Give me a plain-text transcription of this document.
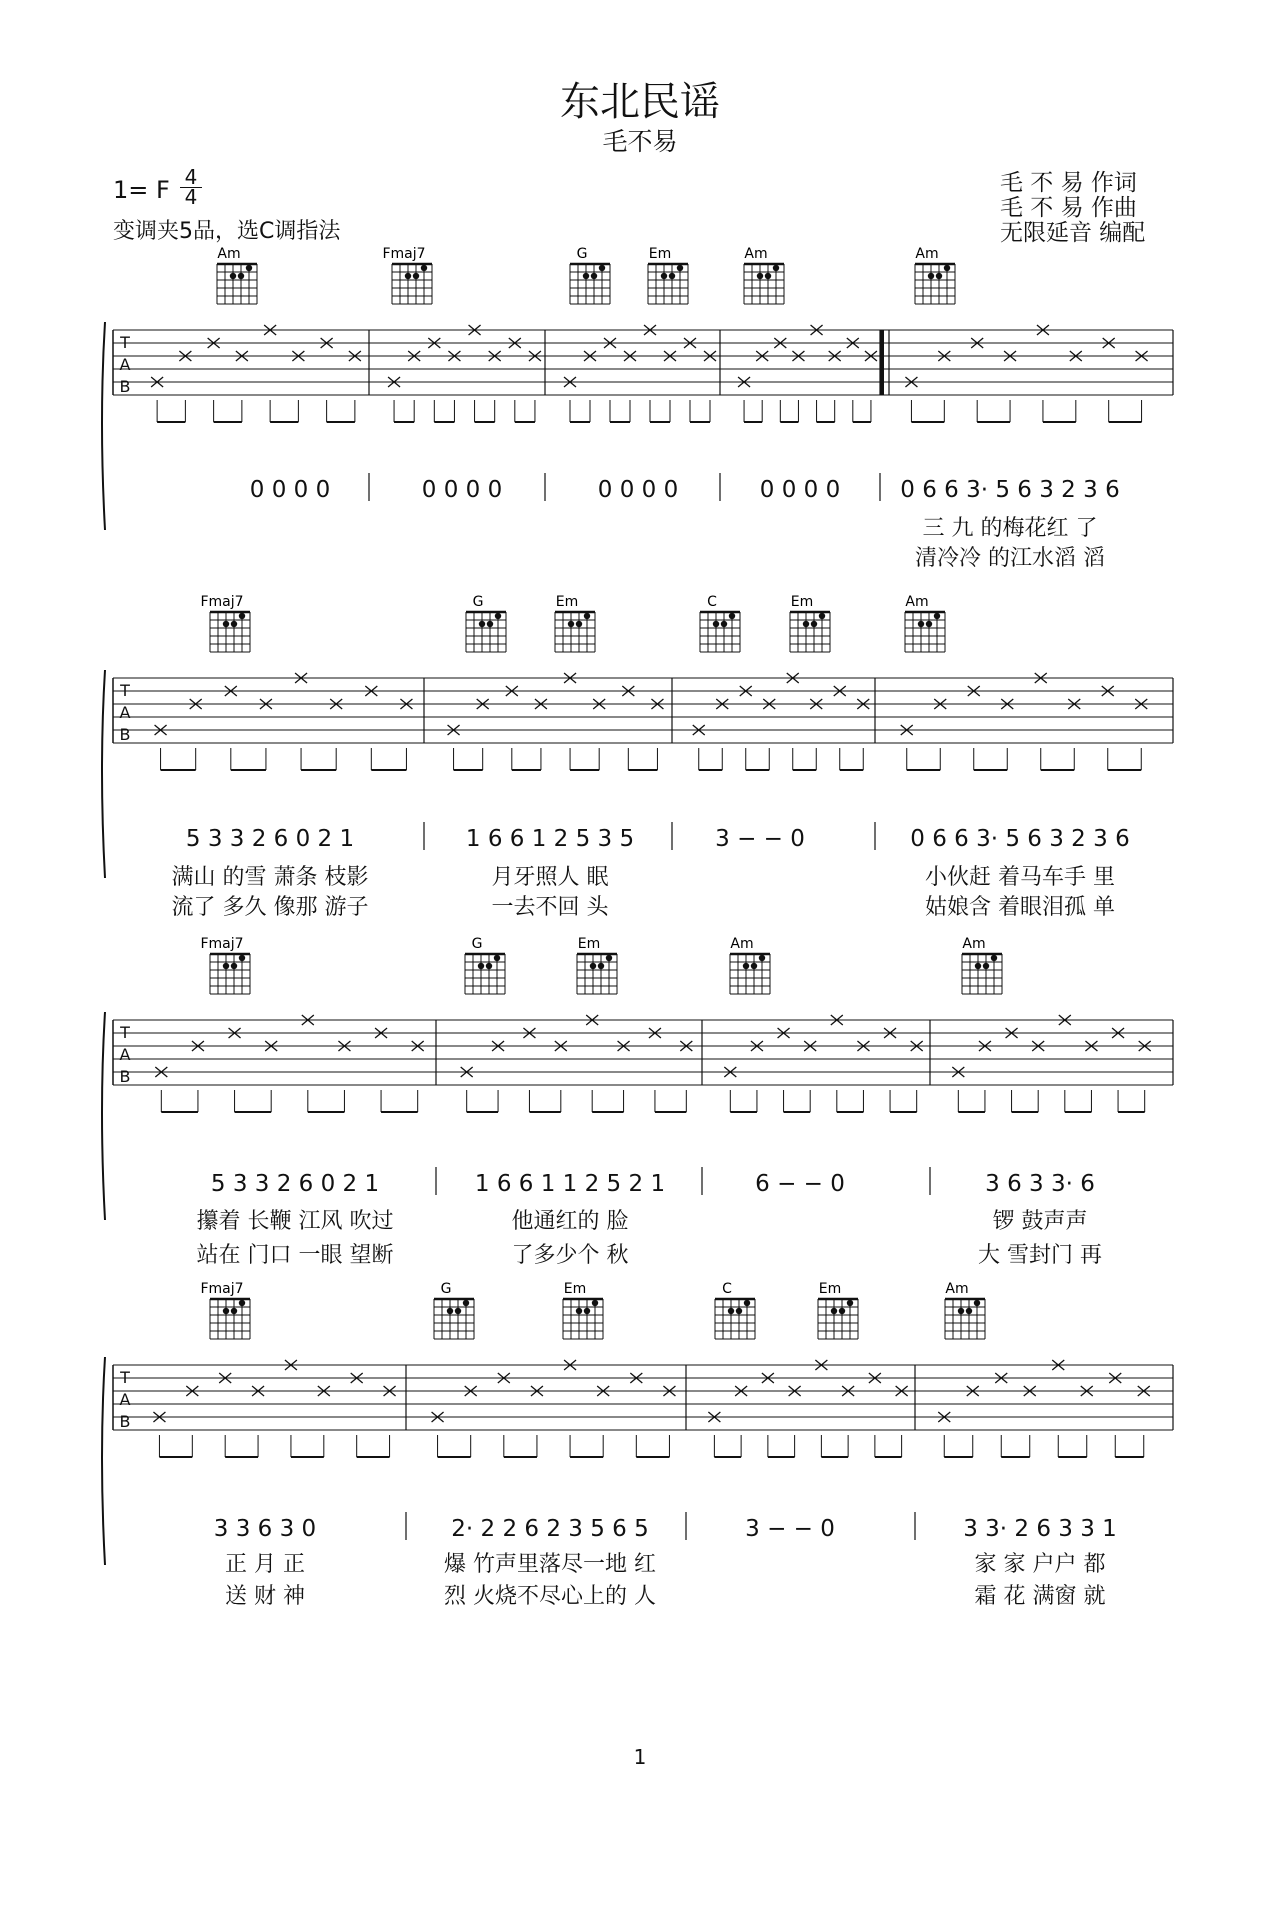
东北民谣
毛不易
1= F $\frac{4}{4}$
变调夹5品，选C调指法
毛 不 易 作词
毛 不 易 作曲
无限延音 编配
Am	Fmaj7	G	Em	Am	Am
T
A
B
0 0 0 0	0 0 0 0	0 0 0 0	0 0 0 0	0 6 6 3· 5 6 3 2 3 6
三 九 的梅花红 了
清冷冷 的江水滔 滔
Fmaj7	G	Em	C	Em	Am
T
A
B
5 3 3 2 6 0 2 1	1 6 6 1 2 5 3 5	3 − − 0	0 6 6 3· 5 6 3 2 3 6
满山 的雪 萧条 枝影	月牙照人 眠	小伙赶 着马车手 里
流了 多久 像那 游子	一去不回 头	姑娘含 着眼泪孤 单
Fmaj7	G	Em	Am	Am
T
A
B
5 3 3 2 6 0 2 1	1 6 6 1 1 2 5 2 1	6 − − 0	3 6 3 3· 6
攥着 长鞭 江风 吹过	他通红的 脸	锣 鼓声声
站在 门口 一眼 望断	了多少个 秋	大 雪封门 再
Fmaj7	G	Em	C	Em	Am
T
A
B
3 3 6 3 0	2· 2 2 6 2 3 5 6 5	3 − − 0	3 3· 2 6 3 3 1
正 月 正	爆 竹声里落尽一地 红	家 家 户户 都
送 财 神	烈 火烧不尽心上的 人	霜 花 满窗 就
1
